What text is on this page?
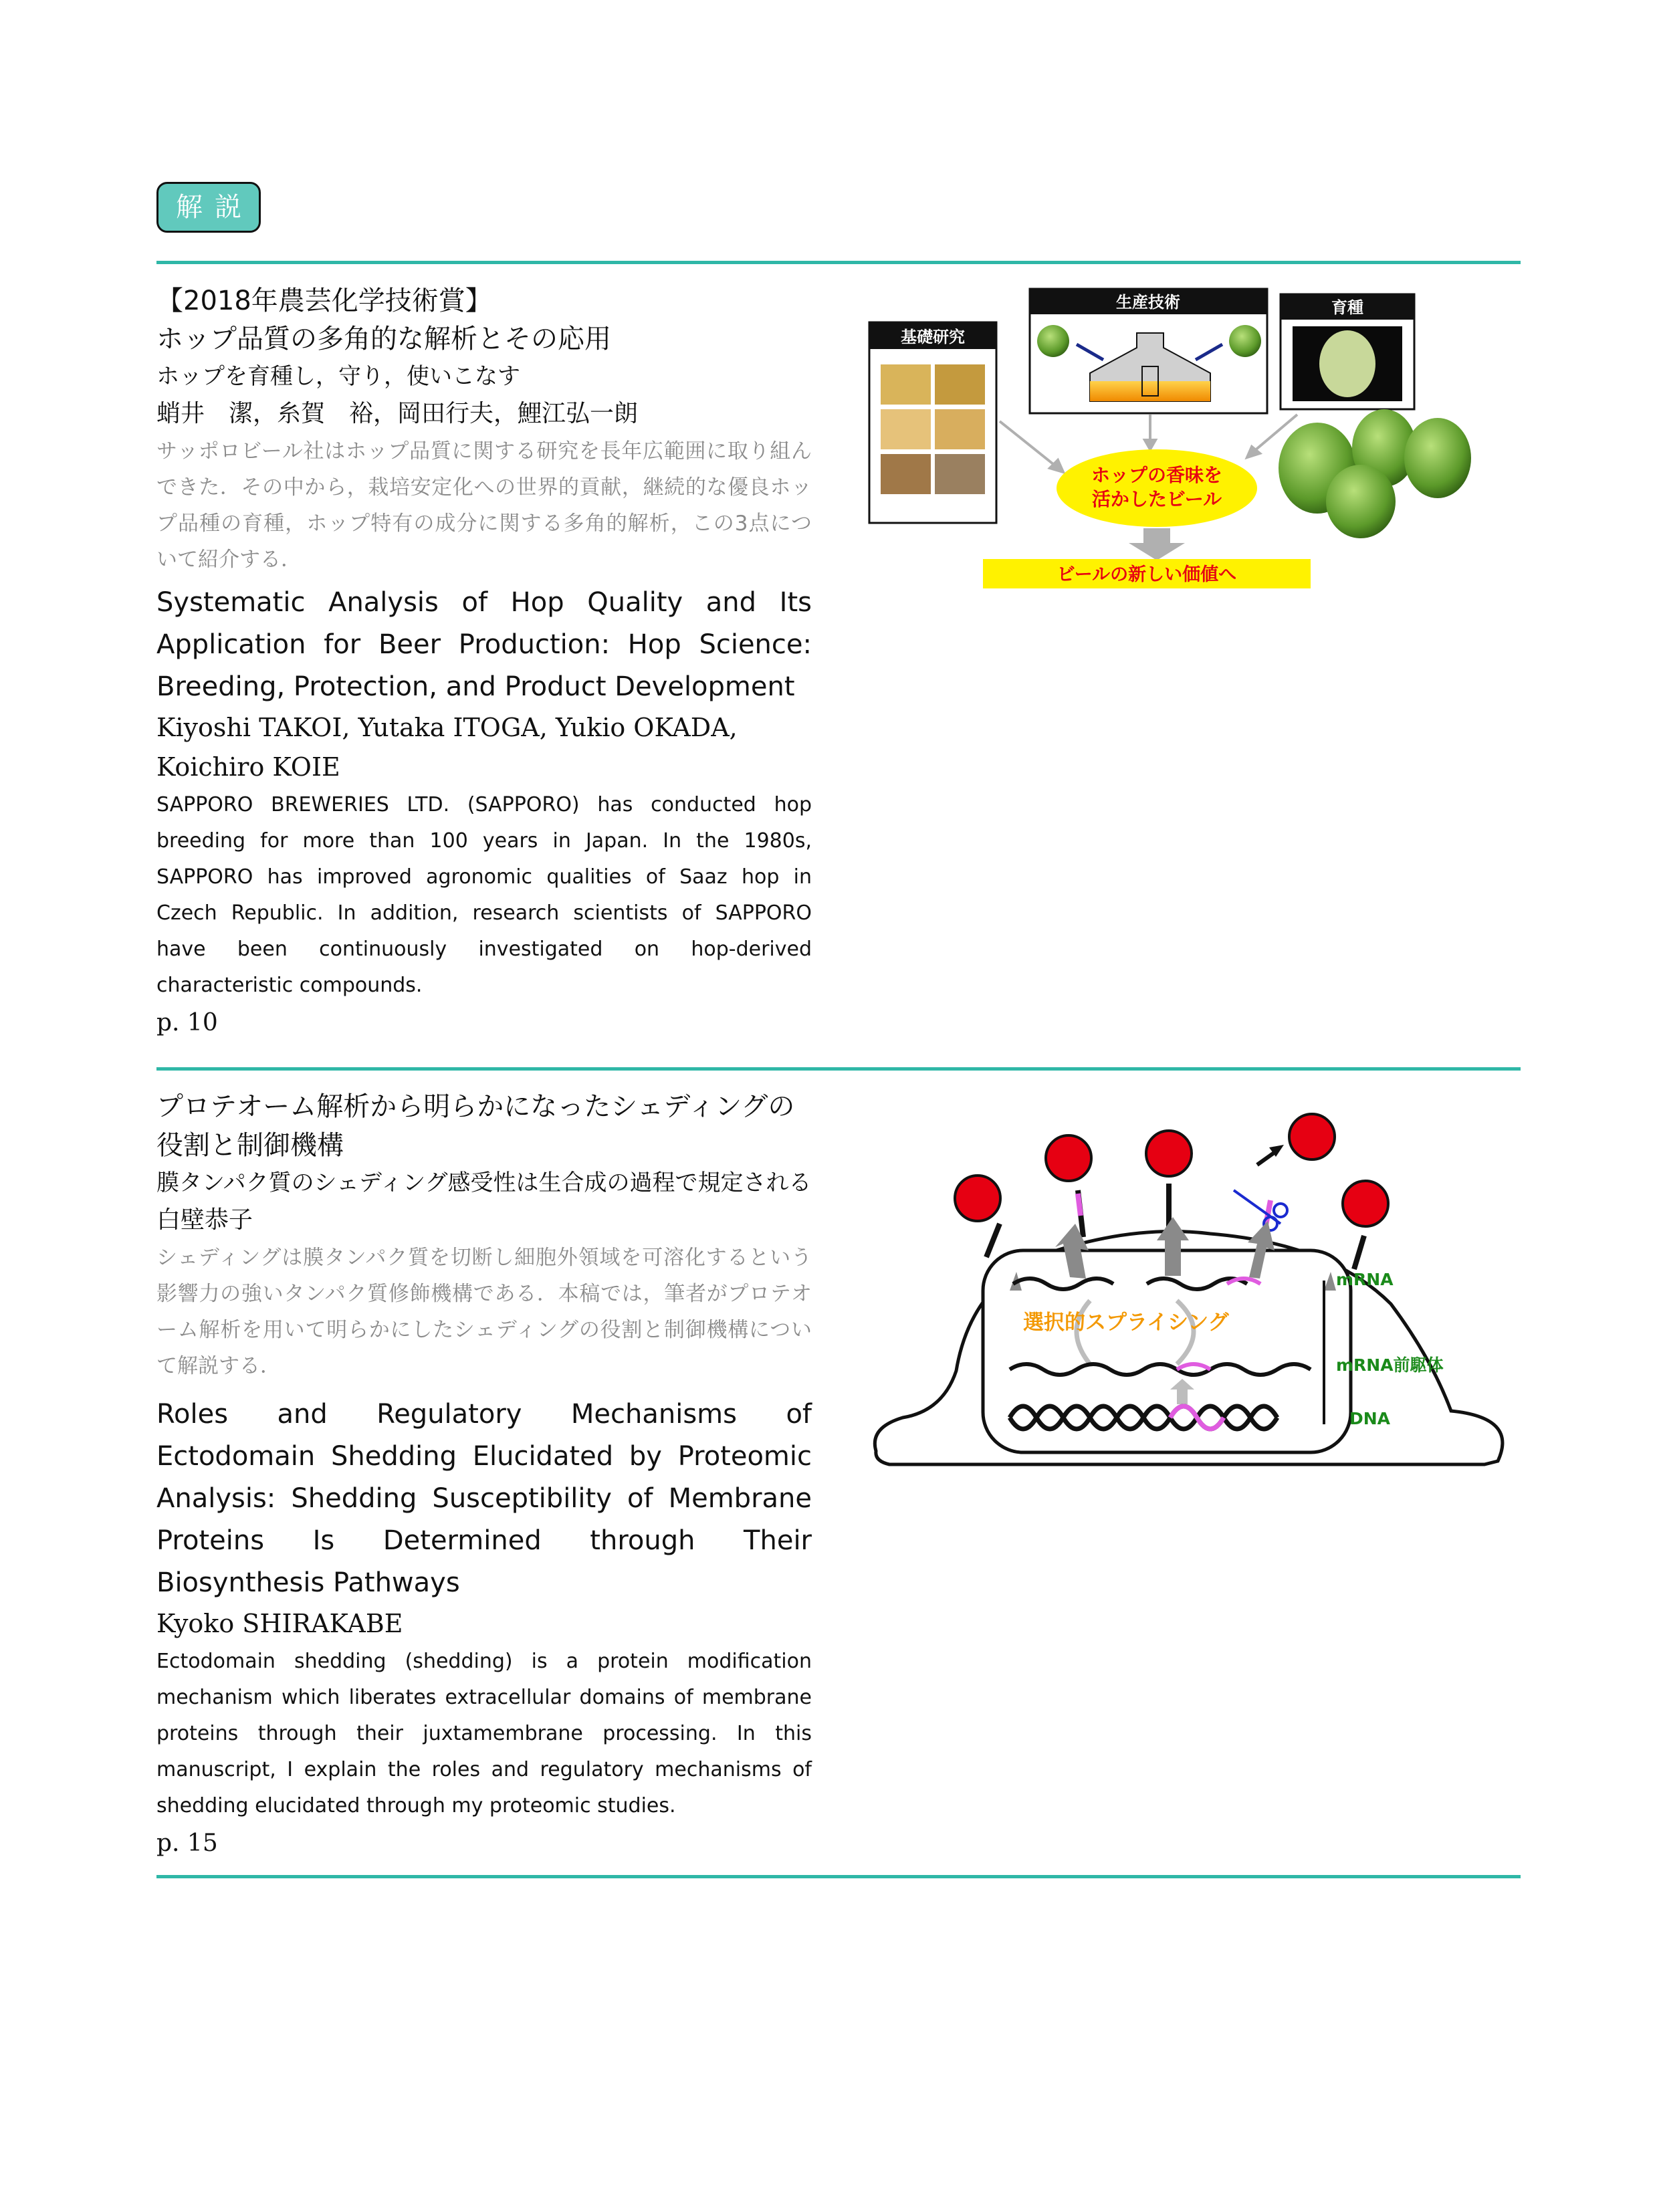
解説

【2018年農芸化学技術賞】

ホップ品質の多角的な解析とその応用

ホップを育種し，守り，使いこなす

蛸井　潔，糸賀　裕，岡田行夫，鯉江弘一朗

サッポロビール社はホップ品質に関する研究を長年広範囲に取り組んできた．その中から，栽培安定化への世界的貢献，継続的な優良ホップ品種の育種，ホップ特有の成分に関する多角的解析，この3点について紹介する．

Systematic Analysis of Hop Quality and Its Application for Beer Production: Hop Science: Breeding, Protection, and Product Development

Kiyoshi TAKOI, Yutaka ITOGA, Yukio OKADA, Koichiro KOIE

SAPPORO BREWERIES LTD. (SAPPORO) has conducted hop breeding for more than 100 years in Japan. In the 1980s, SAPPORO has improved agronomic qualities of Saaz hop in Czech Republic. In addition, research scientists of SAPPORO have been continuously investigated on hop-derived characteristic compounds.

p. 10

基礎研究
生産技術	育種
ホップの香味を
活かしたビール
ビールの新しい価値へ

プロテオーム解析から明らかになったシェディングの役割と制御機構

膜タンパク質のシェディング感受性は生合成の過程で規定される

白壁恭子

シェディングは膜タンパク質を切断し細胞外領域を可溶化するという影響力の強いタンパク質修飾機構である．本稿では，筆者がプロテオーム解析を用いて明らかにしたシェディングの役割と制御機構について解説する．

Roles and Regulatory Mechanisms of Ectodomain Shedding Elucidated by Proteomic Analysis: Shedding Susceptibility of Membrane Proteins Is Determined through Their Biosynthesis Pathways

Kyoko SHIRAKABE

Ectodomain shedding (shedding) is a protein modification mechanism which liberates extracellular domains of membrane proteins through their juxtamembrane processing. In this manuscript, I explain the roles and regulatory mechanisms of shedding elucidated through my proteomic studies.

p. 15

選択的スプライシング
mRNA
mRNA前駆体
DNA
